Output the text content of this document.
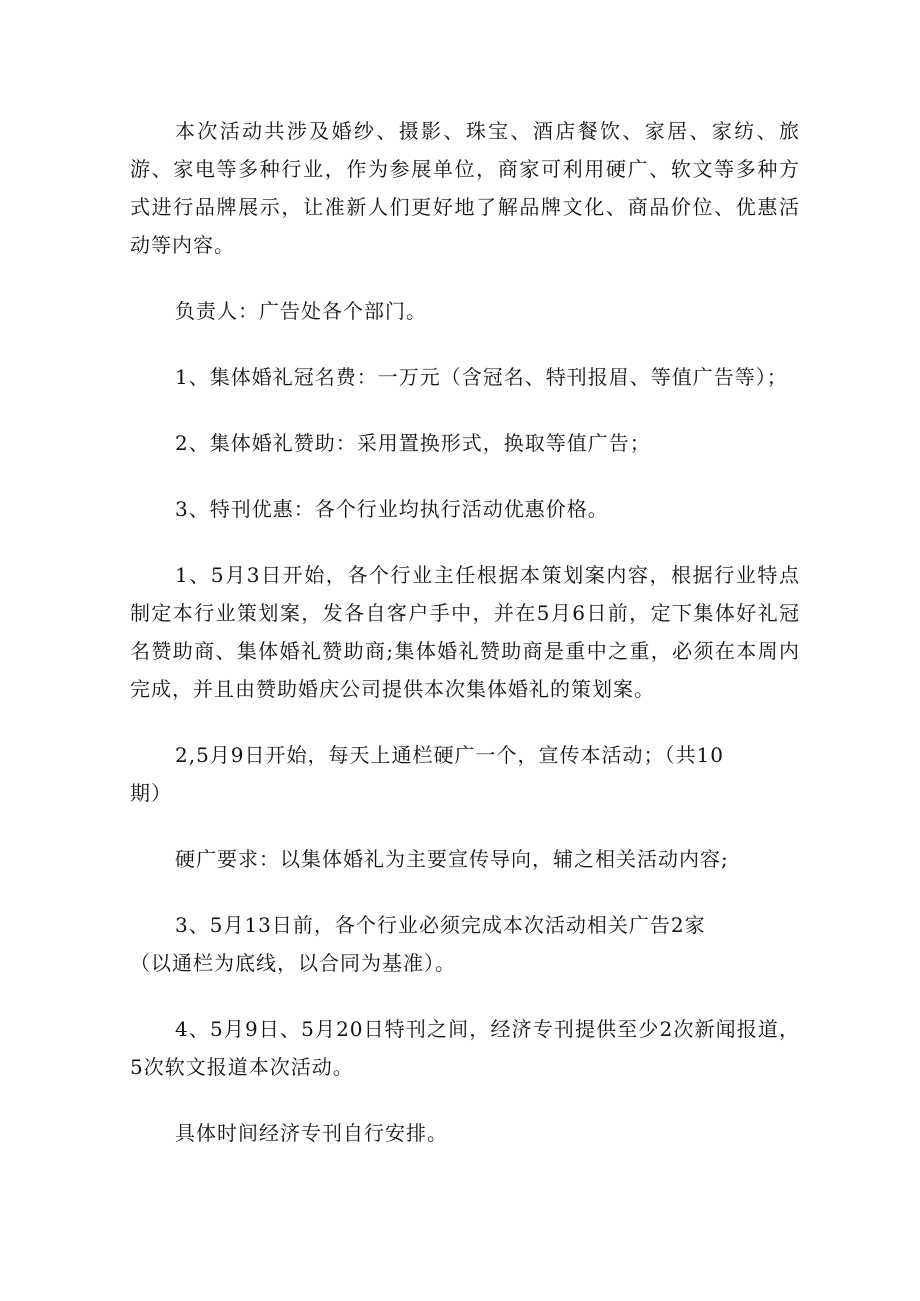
本次活动共涉及婚纱、摄影、珠宝、酒店餐饮、家居、家纺、旅游、家电等多种行业，作为参展单位，商家可利用硬广、软文等多种方式进行品牌展示，让准新人们更好地了解品牌文化、商品价位、优惠活动等内容。

负责人：广告处各个部门。

1、集体婚礼冠名费：一万元（含冠名、特刊报眉、等值广告等）；

2、集体婚礼赞助：采用置换形式，换取等值广告；

3、特刊优惠：各个行业均执行活动优惠价格。

1、5月3日开始，各个行业主任根据本策划案内容，根据行业特点制定本行业策划案，发各自客户手中，并在5月6日前，定下集体好礼冠名赞助商、集体婚礼赞助商;集体婚礼赞助商是重中之重，必须在本周内完成，并且由赞助婚庆公司提供本次集体婚礼的策划案。

2,5月9日开始，每天上通栏硬广一个，宣传本活动；（共10
期）

硬广要求：以集体婚礼为主要宣传导向，辅之相关活动内容;

3、5月13日前，各个行业必须完成本次活动相关广告2家
（以通栏为底线，以合同为基准）。

4、5月9日、5月20日特刊之间，经济专刊提供至少2次新闻报道，5次软文报道本次活动。

具体时间经济专刊自行安排。
